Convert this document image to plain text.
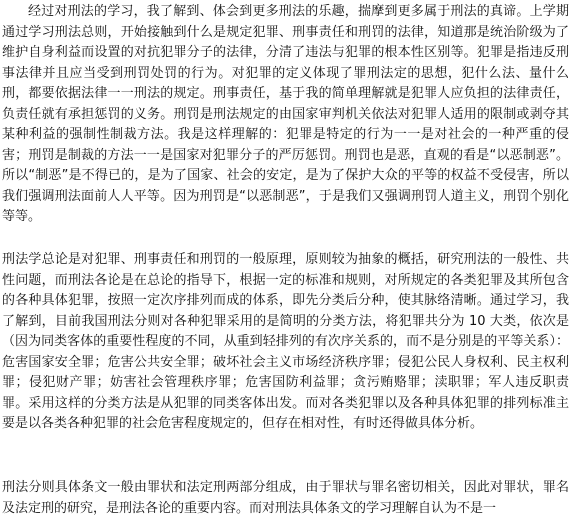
经过对刑法的学习，我了解到、体会到更多刑法的乐趣，揣摩到更多属于刑法的真谛。上学期通过学习刑法总则，开始接触到什么是规定犯罪、刑事责任和刑罚的法律，知道那是统治阶级为了维护自身利益而设置的对抗犯罪分子的法律，分清了违法与犯罪的根本性区别等。犯罪是指违反刑事法律并且应当受到刑罚处罚的行为。对犯罪的定义体现了罪刑法定的思想，犯什么法、量什么刑，都要依据法律一一刑法的规定。刑事责任，基于我的简单理解就是犯罪人应负担的法律责任，负责任就有承担惩罚的义务。刑罚是刑法规定的由国家审判机关依法对犯罪人适用的限制或剥夺其某种利益的强制性制裁方法。我是这样理解的：犯罪是特定的行为一一是对社会的一种严重的侵害；刑罚是制裁的方法一一是国家对犯罪分子的严厉惩罚。刑罚也是恶，直观的看是“以恶制恶”。所以“制恶”是不得已的，是为了国家、社会的安定，是为了保护大众的平等的权益不受侵害，所以我们强调刑法面前人人平等。因为刑罚是“以恶制恶”，于是我们又强调刑罚人道主义，刑罚个别化等等。

刑法学总论是对犯罪、刑事责任和刑罚的一般原理，原则较为抽象的概括，研究刑法的一般性、共性问题，而刑法各论是在总论的指导下，根据一定的标准和规则，对所规定的各类犯罪及其所包含的各种具体犯罪，按照一定次序排列而成的体系，即先分类后分种，使其脉络清晰。通过学习，我了解到，目前我国刑法分则对各种犯罪采用的是简明的分类方法，将犯罪共分为 10 大类，依次是（因为同类客体的重要性程度的不同，从重到轻排列的有次序关系的，而不是分别是的平等关系）：危害国家安全罪；危害公共安全罪；破坏社会主义市场经济秩序罪；侵犯公民人身权利、民主权利罪；侵犯财产罪；妨害社会管理秩序罪；危害国防利益罪；贪污贿赂罪；渎职罪；军人违反职责罪。采用这样的分类方法是从犯罪的同类客体出发。而对各类犯罪以及各种具体犯罪的排列标准主要是以各类各种犯罪的社会危害程度规定的，但存在相对性，有时还得做具体分析。

刑法分则具体条文一般由罪状和法定刑两部分组成，由于罪状与罪名密切相关，因此对罪状，罪名及法定刑的研究，是刑法各论的重要内容。而对刑法具体条文的学习理解自认为不是一
